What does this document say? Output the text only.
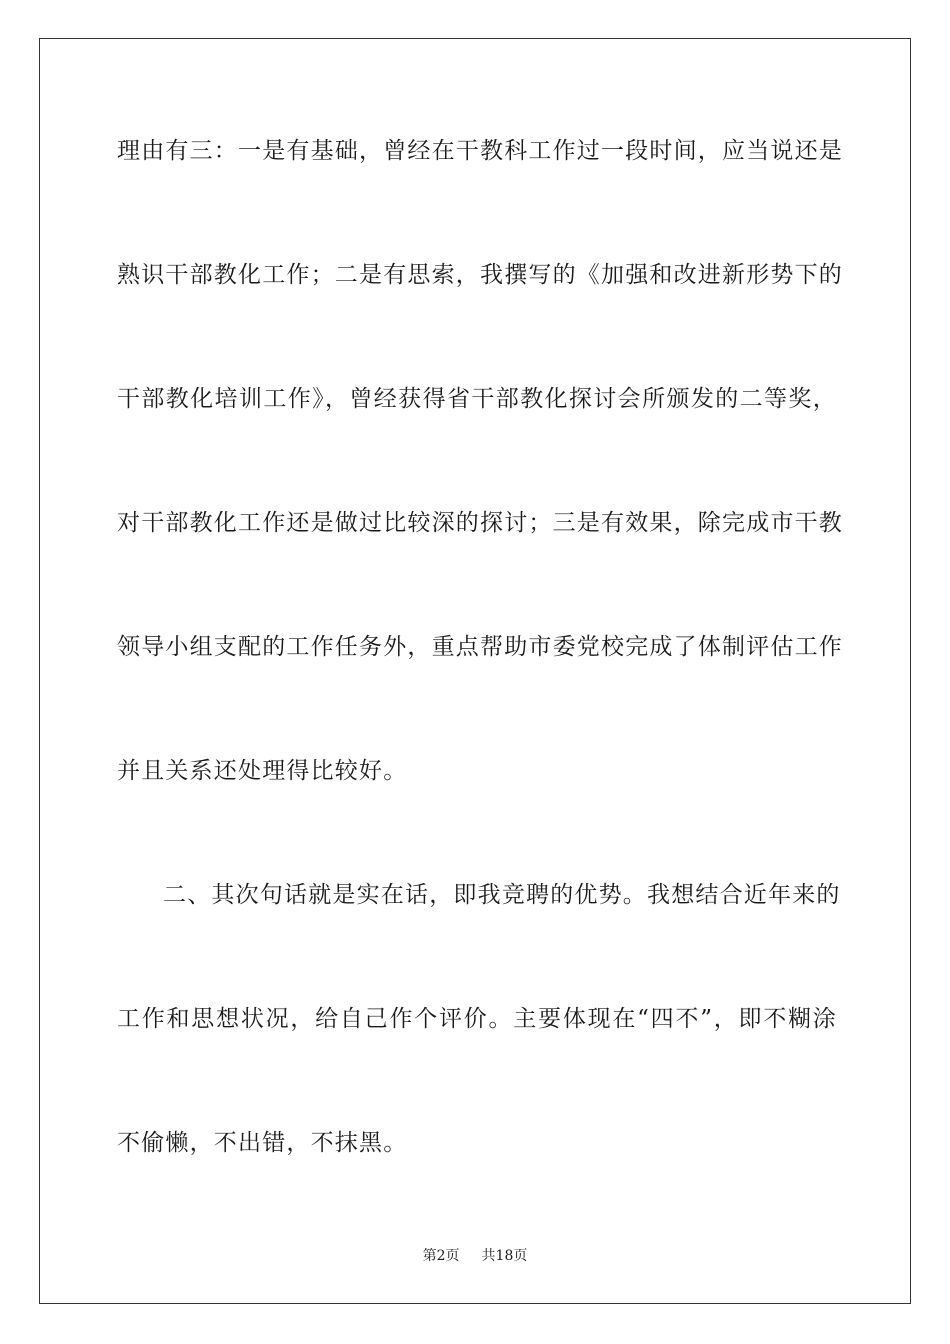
理由有三：一是有基础，曾经在干教科工作过一段时间，应当说还是
熟识干部教化工作；二是有思索，我撰写的《加强和改进新形势下的
干部教化培训工作》，曾经获得省干部教化探讨会所颁发的二等奖，
对干部教化工作还是做过比较深的探讨；三是有效果，除完成市干教
领导小组支配的工作任务外，重点帮助市委党校完成了体制评估工作
并且关系还处理得比较好。
二、其次句话就是实在话，即我竞聘的优势。我想结合近年来的
工作和思想状况，给自己作个评价。主要体现在“四不”，即不糊涂
不偷懒，不出错，不抹黑。
第2页 共18页
